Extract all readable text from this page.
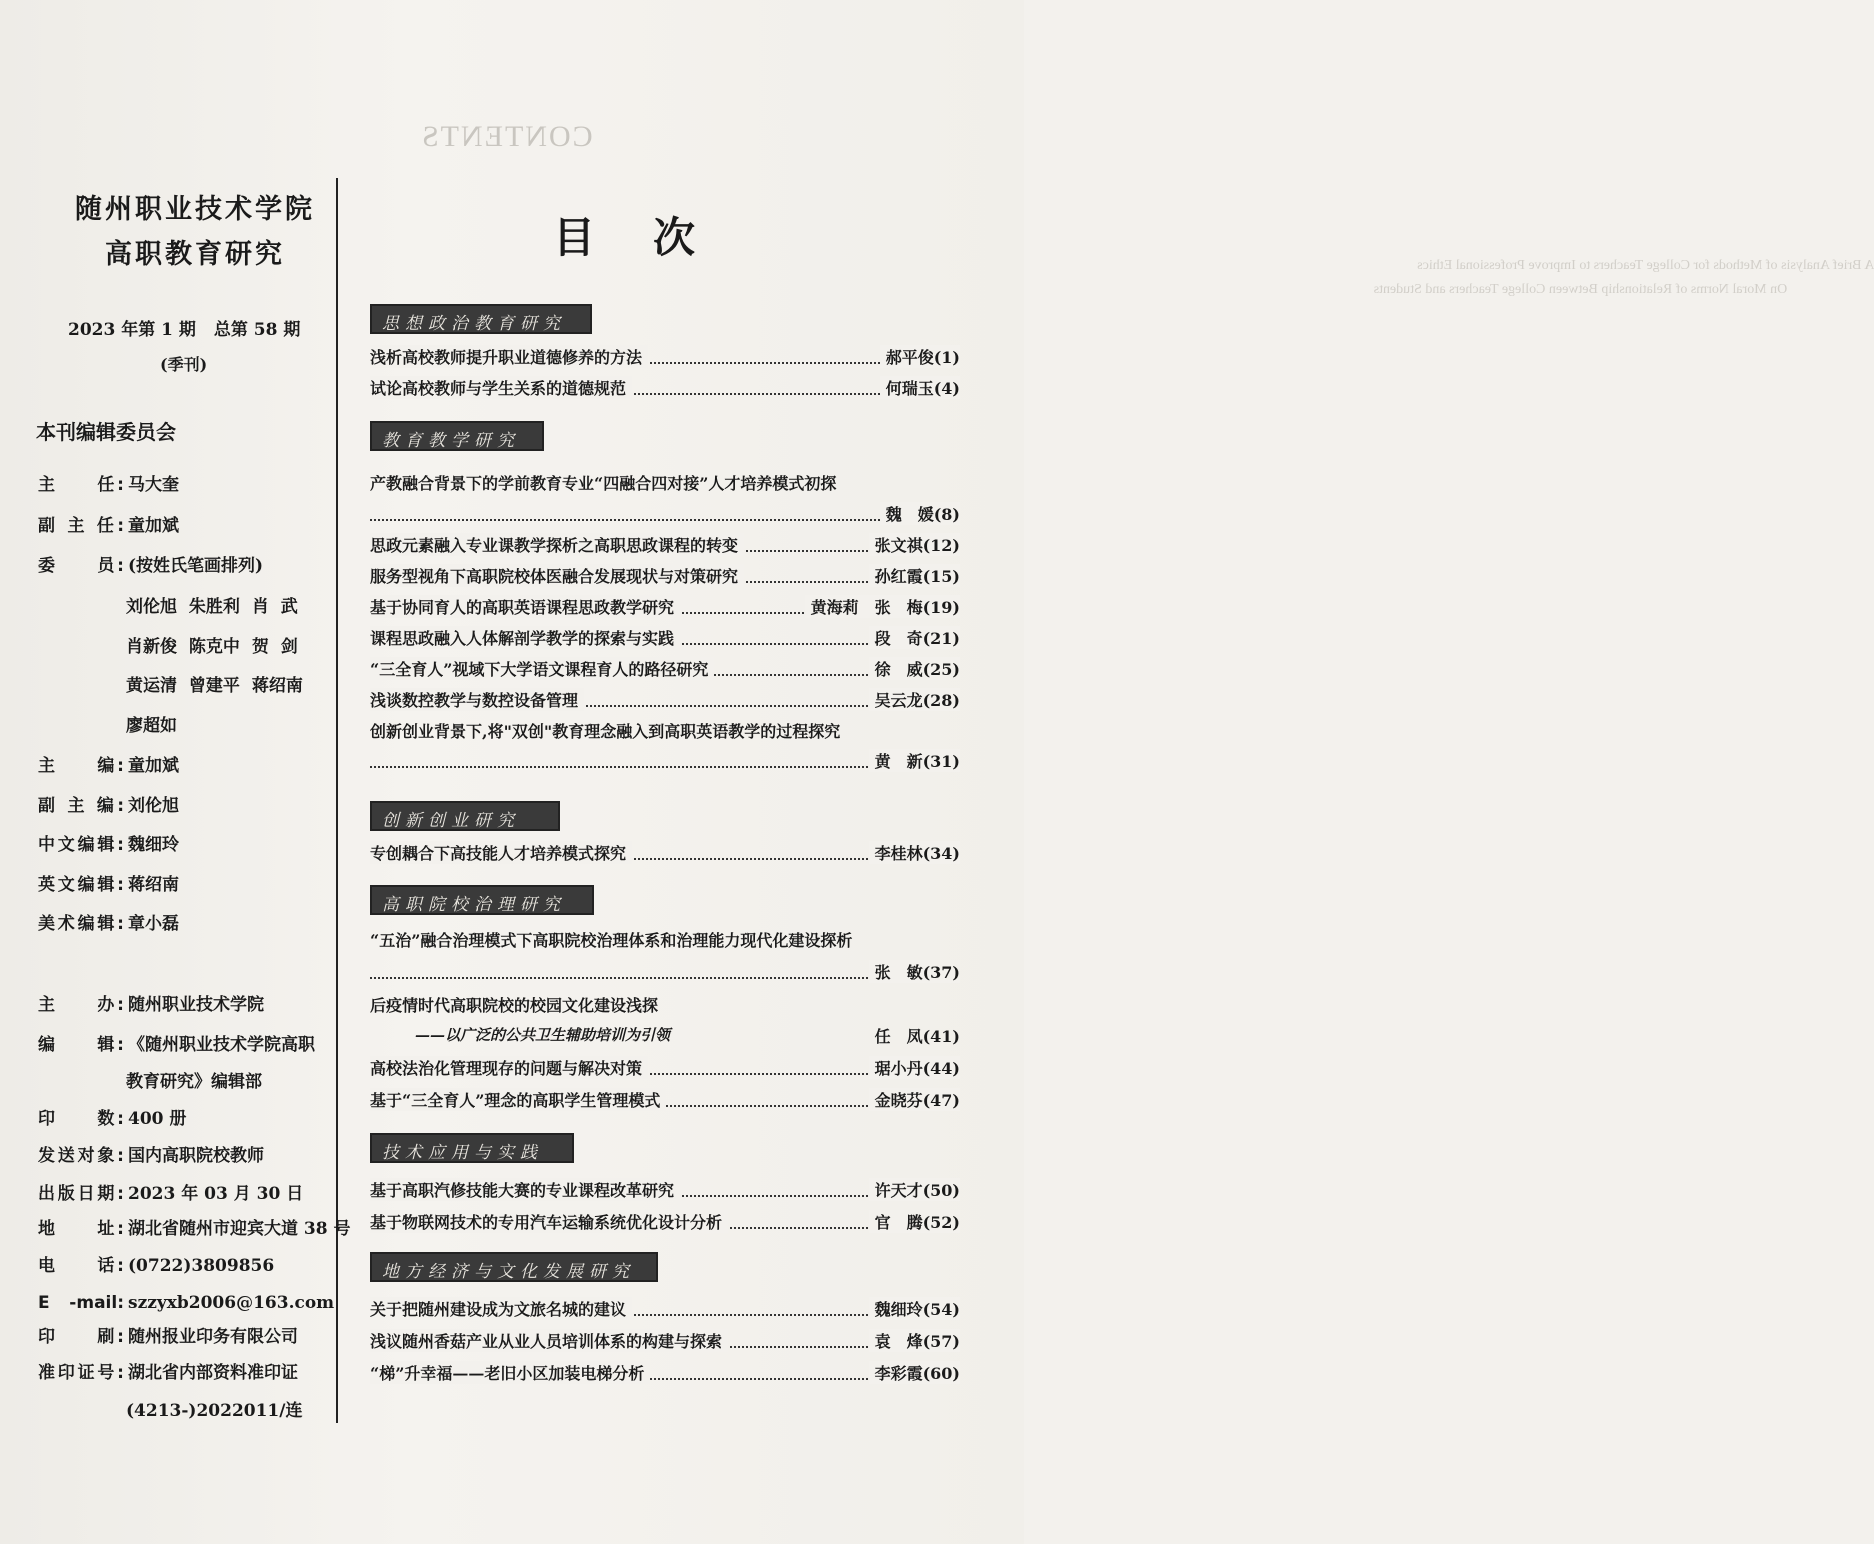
CONTENTS
A Brief Analysis of Methods for College Teachers to Improve Professional Ethics
On Moral Norms of Relationship Between College Teachers and Students
随州职业技术学院
高职教育研究
2023 年第 1 期 总第 58 期
(季刊)
本刊编辑委员会
主　　任: 马大奎
副 主 任: 童加斌
委　　员: (按姓氏笔画排列)
刘伦旭 朱胜利 肖 武
肖新俊 陈克中 贺 剑
黄运清 曾建平 蒋绍南
廖超如
主　　编: 童加斌
副 主 编: 刘伦旭
中文编辑: 魏细玲
英文编辑: 蒋绍南
美术编辑: 章小磊
主　　办: 随州职业技术学院
编　　辑: 《随州职业技术学院高职
教育研究》编辑部
印　　数: 400 册
发送对象: 国内高职院校教师
出版日期: 2023 年 03 月 30 日
地　　址: 湖北省随州市迎宾大道 38 号
电　　话: (0722)3809856
E　-mail: szzyxb2006@163.com
印　　刷: 随州报业印务有限公司
准印证号: 湖北省内部资料准印证
(4213-)2022011/连
目次
思想政治教育研究
浅析高校教师提升职业道德修养的方法	郝平俊(1)
试论高校教师与学生关系的道德规范	何瑞玉(4)
教育教学研究
产教融合背景下的学前教育专业“四融合四对接”人才培养模式初探
魏　媛(8)
思政元素融入专业课教学探析之高职思政课程的转变	张文祺(12)
服务型视角下高职院校体医融合发展现状与对策研究	孙红霞(15)
基于协同育人的高职英语课程思政教学研究	黄海莉　张　梅(19)
课程思政融入人体解剖学教学的探索与实践	段　奇(21)
“三全育人”视域下大学语文课程育人的路径研究	徐　威(25)
浅谈数控教学与数控设备管理	吴云龙(28)
创新创业背景下,将"双创"教育理念融入到高职英语教学的过程探究
黄　新(31)
创新创业研究
专创耦合下高技能人才培养模式探究	李桂林(34)
高职院校治理研究
“五治”融合治理模式下高职院校治理体系和治理能力现代化建设探析
张　敏(37)
后疫情时代高职院校的校园文化建设浅探
——以广泛的公共卫生辅助培训为引领	任　凤(41)
高校法治化管理现存的问题与解决对策	琚小丹(44)
基于“三全育人”理念的高职学生管理模式	金晓芬(47)
技术应用与实践
基于高职汽修技能大赛的专业课程改革研究	许天才(50)
基于物联网技术的专用汽车运输系统优化设计分析	官　腾(52)
地方经济与文化发展研究
关于把随州建设成为文旅名城的建议	魏细玲(54)
浅议随州香菇产业从业人员培训体系的构建与探索	袁　烽(57)
“梯”升幸福——老旧小区加装电梯分析	李彩霞(60)
